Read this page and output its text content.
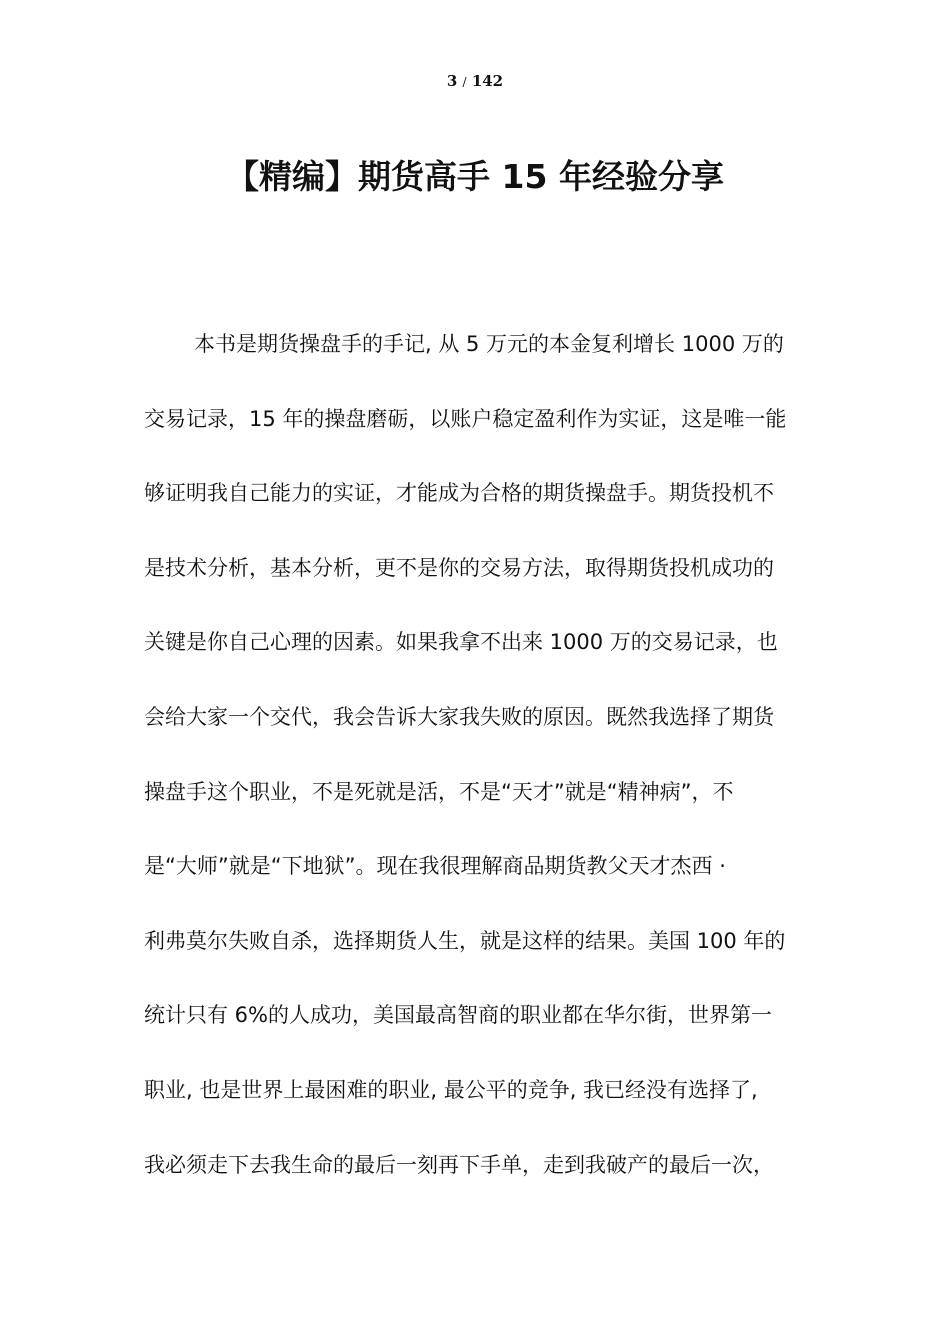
3 / 142
【精编】期货高手 15 年经验分享
本书是期货操盘手的手记, 从 5 万元的本金复利增长 1000 万的
交易记录，15 年的操盘磨砺，以账户稳定盈利作为实证，这是唯一能
够证明我自己能力的实证，才能成为合格的期货操盘手。期货投机不
是技术分析，基本分析，更不是你的交易方法，取得期货投机成功的
关键是你自己心理的因素。如果我拿不出来 1000 万的交易记录，也
会给大家一个交代，我会告诉大家我失败的原因。既然我选择了期货
操盘手这个职业，不是死就是活，不是“天才”就是“精神病”，不
是“大师”就是“下地狱”。现在我很理解商品期货教父天才杰西 ·
利弗莫尔失败自杀，选择期货人生，就是这样的结果。美国 100 年的
统计只有 6%的人成功，美国最高智商的职业都在华尔街，世界第一
职业, 也是世界上最困难的职业, 最公平的竞争, 我已经没有选择了,
我必须走下去我生命的最后一刻再下手单，走到我破产的最后一次，
